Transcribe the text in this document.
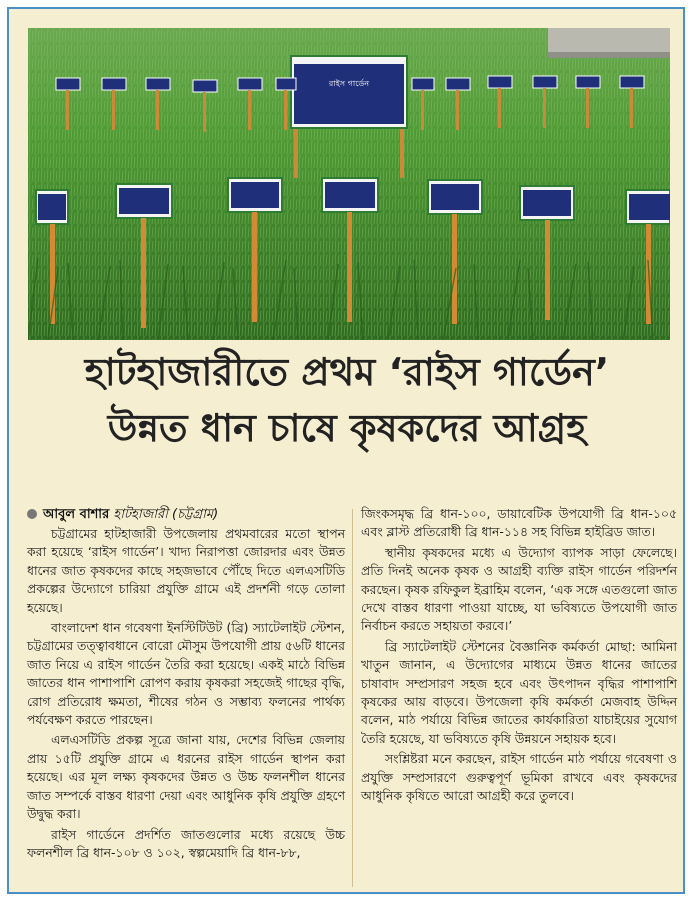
রাইস গার্ডেন
হাটহাজারীতে প্রথম ‘রাইস গার্ডেন’
উন্নত ধান চাষে কৃষকদের আগ্রহ
আবুল বাশার হাটহাজারী (চট্টগ্রাম)

চট্টগ্রামের হাটহাজারী উপজেলায় প্রথমবারের মতো স্থাপন করা হয়েছে ‘রাইস গার্ডেন’। খাদ্য নিরাপত্তা জোরদার এবং উন্নত ধানের জাত কৃষকদের কাছে সহজভাবে পৌঁছে দিতে এলএসটিডি প্রকল্পের উদ্যোগে চারিয়া প্রযুক্তি গ্রামে এই প্রদর্শনী গড়ে তোলা হয়েছে।

বাংলাদেশ ধান গবেষণা ইনস্টিটিউট (ব্রি) স্যাটেলাইট স্টেশন, চট্টগ্রামের তত্ত্বাবধানে বোরো মৌসুম উপযোগী প্রায় ৫৬টি ধানের জাত নিয়ে এ রাইস গার্ডেন তৈরি করা হয়েছে। একই মাঠে বিভিন্ন জাতের ধান পাশাপাশি রোপণ করায় কৃষকরা সহজেই গাছের বৃদ্ধি, রোগ প্রতিরোধ ক্ষমতা, শীষের গঠন ও সম্ভাব্য ফলনের পার্থক্য পর্যবেক্ষণ করতে পারছেন।

এলএসটিডি প্রকল্প সূত্রে জানা যায়, দেশের বিভিন্ন জেলায় প্রায় ১৫টি প্রযুক্তি গ্রামে এ ধরনের রাইস গার্ডেন স্থাপন করা হয়েছে। এর মূল লক্ষ্য কৃষকদের উন্নত ও উচ্চ ফলনশীল ধানের জাত সম্পর্কে বাস্তব ধারণা দেয়া এবং আধুনিক কৃষি প্রযুক্তি গ্রহণে উদ্বুদ্ধ করা।

রাইস গার্ডেনে প্রদর্শিত জাতগুলোর মধ্যে রয়েছে উচ্চ ফলনশীল ব্রি ধান-১০৮ ও ১০২, স্বল্পমেয়াদি ব্রি ধান-৮৮,

জিংকসমৃদ্ধ ব্রি ধান-১০০, ডায়াবেটিক উপযোগী ব্রি ধান-১০৫ এবং ব্লাস্ট প্রতিরোধী ব্রি ধান-১১৪ সহ বিভিন্ন হাইব্রিড জাত।

স্থানীয় কৃষকদের মধ্যে এ উদ্যোগ ব্যাপক সাড়া ফেলেছে। প্রতি দিনই অনেক কৃষক ও আগ্রহী ব্যক্তি রাইস গার্ডেন পরিদর্শন করছেন। কৃষক রফিকুল ইব্রাহিম বলেন, ‘এক সঙ্গে এতগুলো জাত দেখে বাস্তব ধারণা পাওয়া যাচ্ছে, যা ভবিষ্যতে উপযোগী জাত নির্বাচন করতে সহায়তা করবে।’

ব্রি স্যাটেলাইট স্টেশনের বৈজ্ঞানিক কর্মকর্তা মোছা: আমিনা খাতুন জানান, এ উদ্যোগের মাধ্যমে উন্নত ধানের জাতের চাষাবাদ সম্প্রসারণ সহজ হবে এবং উৎপাদন বৃদ্ধির পাশাপাশি কৃষকের আয় বাড়বে। উপজেলা কৃষি কর্মকর্তা মেজবাহ উদ্দিন বলেন, মাঠ পর্যায়ে বিভিন্ন জাতের কার্যকারিতা যাচাইয়ের সুযোগ তৈরি হয়েছে, যা ভবিষ্যতে কৃষি উন্নয়নে সহায়ক হবে।

সংশ্লিষ্টরা মনে করছেন, রাইস গার্ডেন মাঠ পর্যায়ে গবেষণা ও প্রযুক্তি সম্প্রসারণে গুরুত্বপূর্ণ ভূমিকা রাখবে এবং কৃষকদের আধুনিক কৃষিতে আরো আগ্রহী করে তুলবে।
